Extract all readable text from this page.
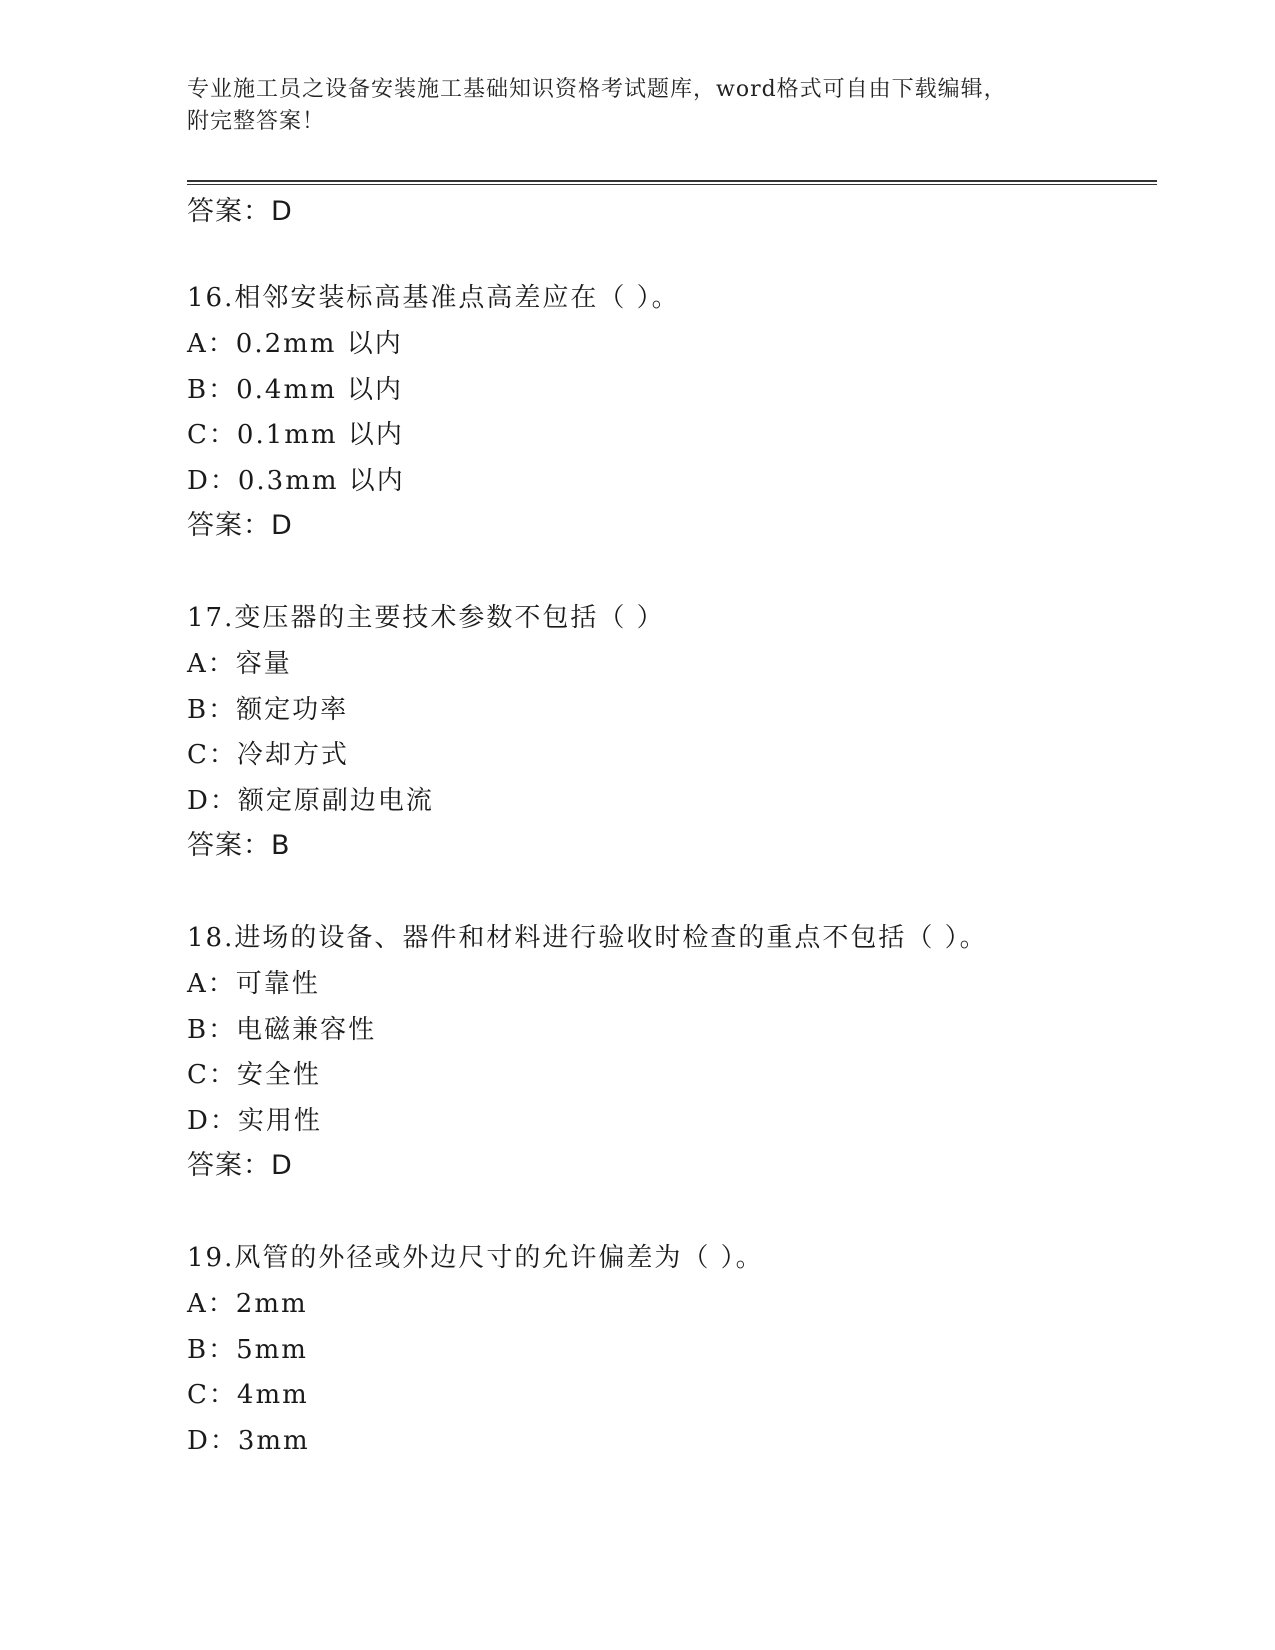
专业施工员之设备安装施工基础知识资格考试题库，word格式可自由下载编辑，
附完整答案！
答案：D
16.相邻安装标高基准点高差应在（ ）。
A：0.2mm 以内
B：0.4mm 以内
C：0.1mm 以内
D：0.3mm 以内
答案：D
17.变压器的主要技术参数不包括（ ）
A：容量
B：额定功率
C：冷却方式
D：额定原副边电流
答案：B
18.进场的设备、器件和材料进行验收时检查的重点不包括（ ）。
A：可靠性
B：电磁兼容性
C：安全性
D：实用性
答案：D
19.风管的外径或外边尺寸的允许偏差为（ ）。
A：2mm
B：5mm
C：4mm
D：3mm
